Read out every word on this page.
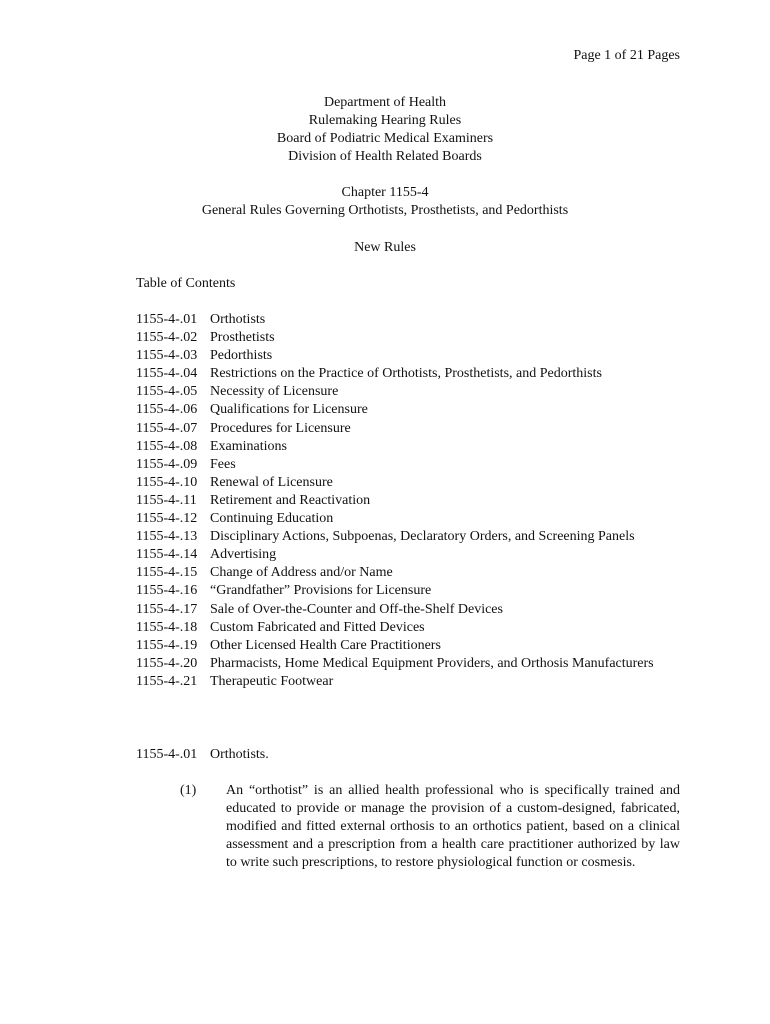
Page 1 of 21 Pages
Department of Health
Rulemaking Hearing Rules
Board of Podiatric Medical Examiners
Division of Health Related Boards
Chapter 1155-4
General Rules Governing Orthotists, Prosthetists, and Pedorthists
New Rules
Table of Contents
1155-4-.01 Orthotists
1155-4-.02 Prosthetists
1155-4-.03 Pedorthists
1155-4-.04 Restrictions on the Practice of Orthotists, Prosthetists, and Pedorthists
1155-4-.05 Necessity of Licensure
1155-4-.06 Qualifications for Licensure
1155-4-.07 Procedures for Licensure
1155-4-.08 Examinations
1155-4-.09 Fees
1155-4-.10 Renewal of Licensure
1155-4-.11 Retirement and Reactivation
1155-4-.12 Continuing Education
1155-4-.13 Disciplinary Actions, Subpoenas, Declaratory Orders, and Screening Panels
1155-4-.14 Advertising
1155-4-.15 Change of Address and/or Name
1155-4-.16 “Grandfather” Provisions for Licensure
1155-4-.17 Sale of Over-the-Counter and Off-the-Shelf Devices
1155-4-.18 Custom Fabricated and Fitted Devices
1155-4-.19 Other Licensed Health Care Practitioners
1155-4-.20 Pharmacists, Home Medical Equipment Providers, and Orthosis Manufacturers
1155-4-.21 Therapeutic Footwear
1155-4-.01 Orthotists.
(1)	An “orthotist” is an allied health professional who is specifically trained and educated to provide or manage the provision of a custom-designed, fabricated, modified and fitted external orthosis to an orthotics patient, based on a clinical assessment and a prescription from a health care practitioner authorized by law to write such prescriptions, to restore physiological function or cosmesis.
